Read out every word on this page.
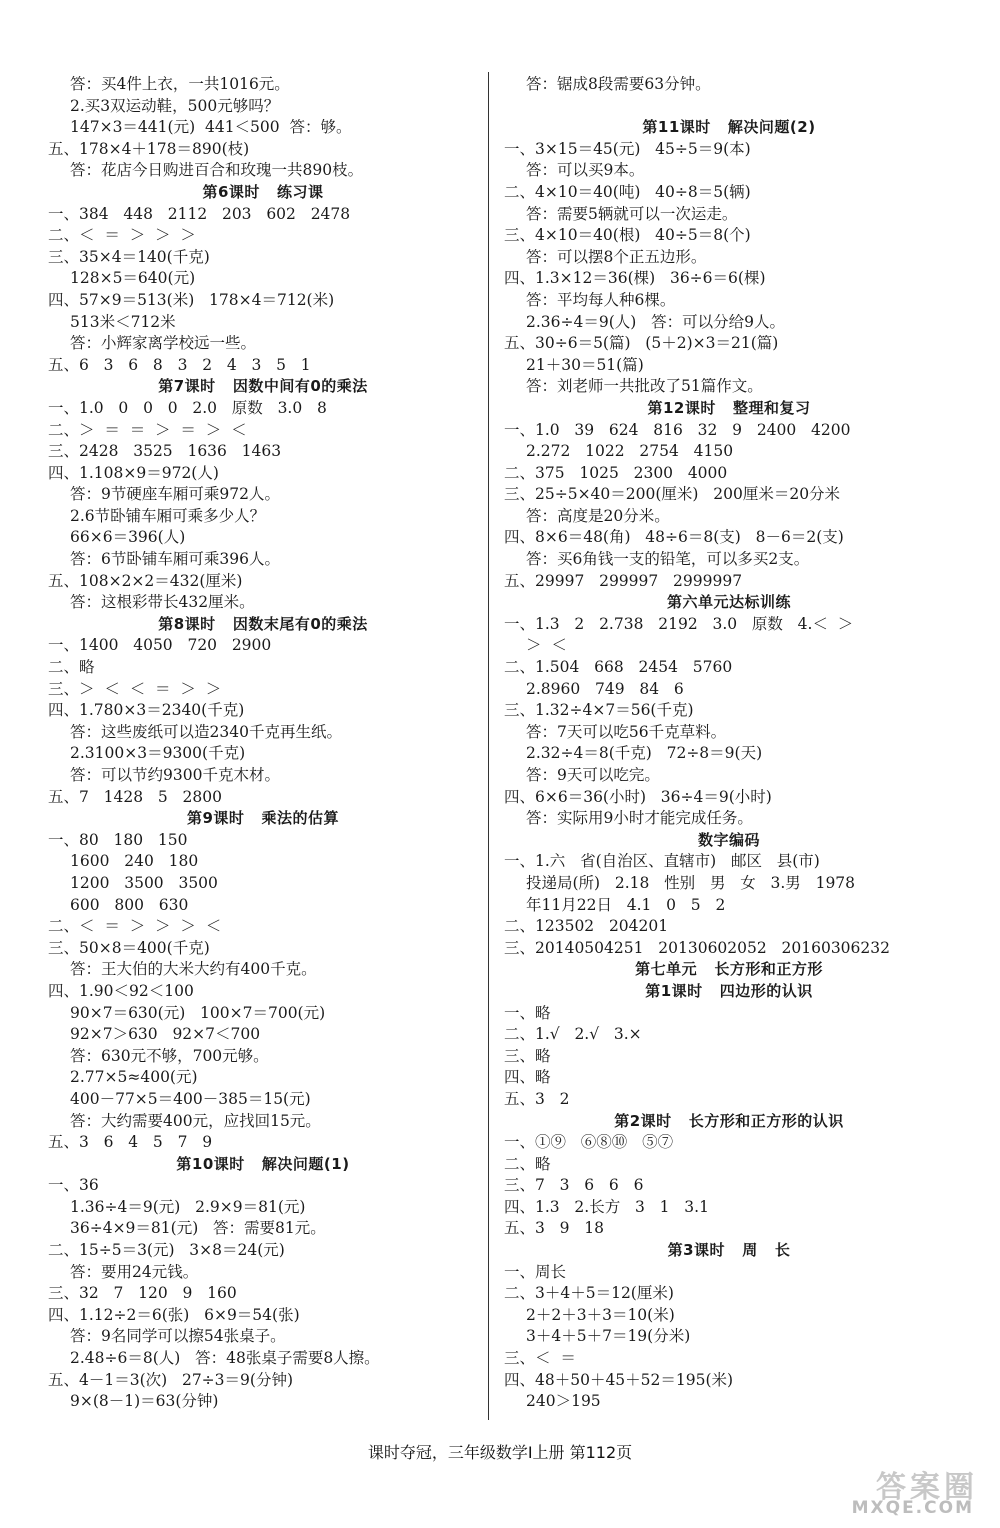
答：买4件上衣，一共1016元。
2.买3双运动鞋，500元够吗？
147×3＝441(元)  441＜500  答：够。
五、178×4＋178＝890(枝)
答：花店今日购进百合和玫瑰一共890枝。
第6课时   练习课
一、384   448   2112   203   602   2478
二、＜  ＝  ＞  ＞  ＞
三、35×4＝140(千克)
128×5＝640(元)
四、57×9＝513(米)   178×4＝712(米)
513米＜712米
答：小辉家离学校远一些。
五、6   3   6   8   3   2   4   3   5   1
第7课时   因数中间有0的乘法
一、1.0   0   0   0   2.0   原数   3.0   8
二、＞  ＝  ＝  ＞  ＝  ＞  ＜
三、2428   3525   1636   1463
四、1.108×9＝972(人)
答：9节硬座车厢可乘972人。
2.6节卧铺车厢可乘多少人？
66×6＝396(人)
答：6节卧铺车厢可乘396人。
五、108×2×2＝432(厘米)
答：这根彩带长432厘米。
第8课时   因数末尾有0的乘法
一、1400   4050   720   2900
二、略
三、＞  ＜  ＜  ＝  ＞  ＞
四、1.780×3＝2340(千克)
答：这些废纸可以造2340千克再生纸。
2.3100×3＝9300(千克)
答：可以节约9300千克木材。
五、7   1428   5   2800
第9课时   乘法的估算
一、80   180   150
1600   240   180
1200   3500   3500
600   800   630
二、＜  ＝  ＞  ＞  ＞  ＜
三、50×8＝400(千克)
答：王大伯的大米大约有400千克。
四、1.90＜92＜100
90×7＝630(元)   100×7＝700(元)
92×7＞630   92×7＜700
答：630元不够，700元够。
2.77×5≈400(元)
400－77×5＝400－385＝15(元)
答：大约需要400元，应找回15元。
五、3   6   4   5   7   9
第10课时   解决问题(1)
一、36
1.36÷4＝9(元)   2.9×9＝81(元)
36÷4×9＝81(元)   答：需要81元。
二、15÷5＝3(元)   3×8＝24(元)
答：要用24元钱。
三、32   7   120   9   160
四、1.12÷2＝6(张)   6×9＝54(张)
答：9名同学可以擦54张桌子。
2.48÷6＝8(人)   答：48张桌子需要8人擦。
五、4－1＝3(次)   27÷3＝9(分钟)
9×(8－1)＝63(分钟)
答：锯成8段需要63分钟。
第11课时   解决问题(2)
一、3×15＝45(元)   45÷5＝9(本)
答：可以买9本。
二、4×10＝40(吨)   40÷8＝5(辆)
答：需要5辆就可以一次运走。
三、4×10＝40(根)   40÷5＝8(个)
答：可以摆8个正五边形。
四、1.3×12＝36(棵)   36÷6＝6(棵)
答：平均每人种6棵。
2.36÷4＝9(人)   答：可以分给9人。
五、30÷6＝5(篇)   (5＋2)×3＝21(篇)
21＋30＝51(篇)
答：刘老师一共批改了51篇作文。
第12课时   整理和复习
一、1.0   39   624   816   32   9   2400   4200
2.272   1022   2754   4150
二、375   1025   2300   4000
三、25÷5×40＝200(厘米)   200厘米＝20分米
答：高度是20分米。
四、8×6＝48(角)   48÷6＝8(支)   8－6＝2(支)
答：买6角钱一支的铅笔，可以多买2支。
五、29997   299997   2999997
第六单元达标训练
一、1.3   2   2.738   2192   3.0   原数   4.＜  ＞
＞  ＜
二、1.504   668   2454   5760
2.8960   749   84   6
三、1.32÷4×7＝56(千克)
答：7天可以吃56千克草料。
2.32÷4＝8(千克)   72÷8＝9(天)
答：9天可以吃完。
四、6×6＝36(小时)   36÷4＝9(小时)
答：实际用9小时才能完成任务。
数字编码
一、1.六   省(自治区、直辖市)   邮区   县(市)
投递局(所)   2.18   性别   男   女   3.男   1978
年11月22日   4.1   0   5   2
二、123502   204201
三、20140504251   20130602052   20160306232
第七单元   长方形和正方形
第1课时   四边形的认识
一、略
二、1.√   2.√   3.×
三、略
四、略
五、3   2
第2课时   长方形和正方形的认识
一、①⑨   ⑥⑧⑩   ⑤⑦
二、略
三、7   3   6   6   6
四、1.3   2.长方   3   1   3.1
五、3   9   18
第3课时   周   长
一、周长
二、3＋4＋5＝12(厘米)
2＋2＋3＋3＝10(米)
3＋4＋5＋7＝19(分米)
三、＜  ＝
四、48＋50＋45＋52＝195(米)
240＞195
课时夺冠，三年级数学Ⅰ上册 第112页
答案圈
MXQE.COM
